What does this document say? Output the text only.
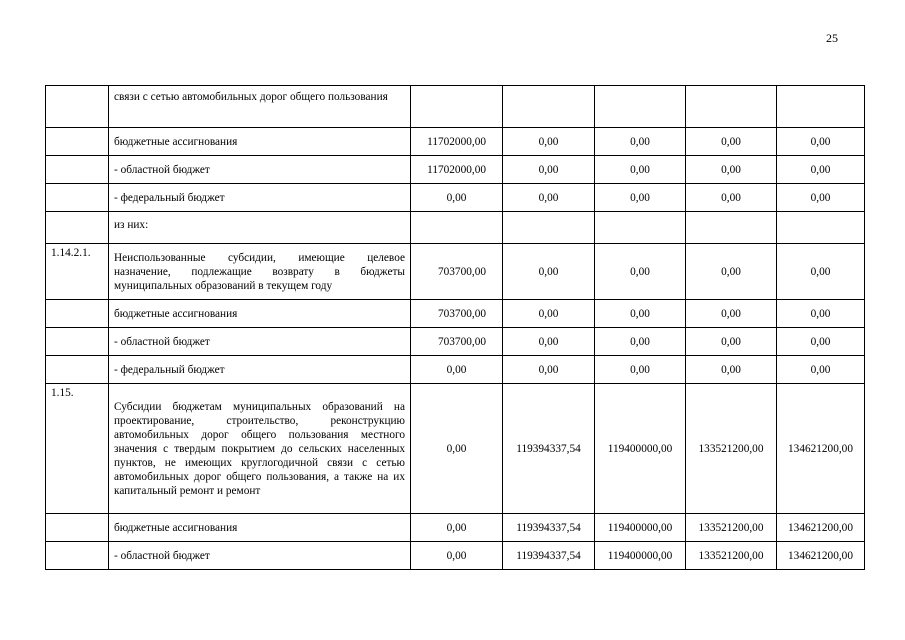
25
	связи с сетью автомобильных дорог общего пользования					
	бюджетные ассигнования	11702000,00	0,00	0,00	0,00	0,00
	- областной бюджет	11702000,00	0,00	0,00	0,00	0,00
	- федеральный бюджет	0,00	0,00	0,00	0,00	0,00
	из них:					
1.14.2.1.	Неиспользованные субсидии, имеющие целевое назначение, подлежащие возврату в бюджеты муниципальных образований в текущем году	703700,00	0,00	0,00	0,00	0,00
	бюджетные ассигнования	703700,00	0,00	0,00	0,00	0,00
	- областной бюджет	703700,00	0,00	0,00	0,00	0,00
	- федеральный бюджет	0,00	0,00	0,00	0,00	0,00
1.15.	Субсидии бюджетам муниципальных образований на проектирование, строительство, реконструкцию автомобильных дорог общего пользования местного значения с твердым покрытием до сельских населенных пунктов, не имеющих круглогодичной связи с сетью автомобильных дорог общего пользования, а также на их капитальный ремонт и ремонт	0,00	119394337,54	119400000,00	133521200,00	134621200,00
	бюджетные ассигнования	0,00	119394337,54	119400000,00	133521200,00	134621200,00
	- областной бюджет	0,00	119394337,54	119400000,00	133521200,00	134621200,00
